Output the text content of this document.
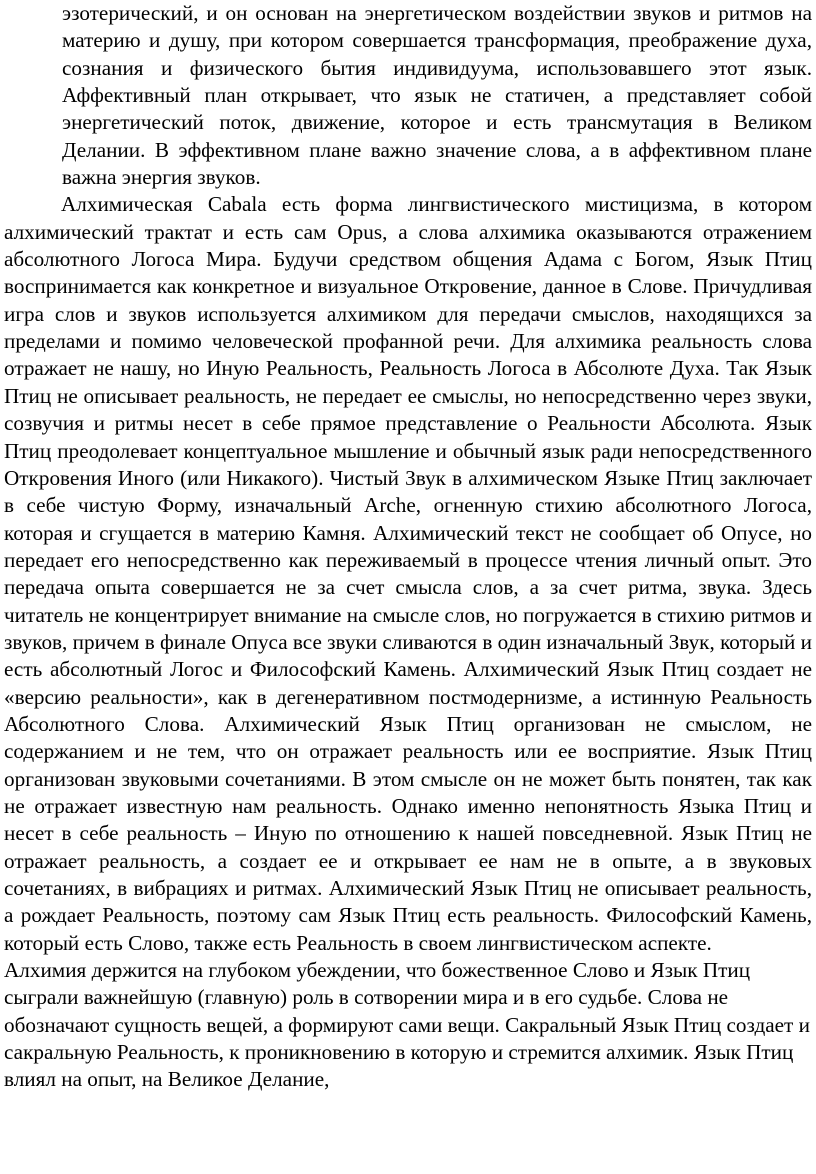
эзотерический, и он основан на энергетическом воздействии звуков и ритмов на материю и душу, при котором совершается трансформация, преображение духа, сознания и физического бытия индивидуума, использовавшего этот язык. Аффективный план открывает, что язык не статичен, а представляет собой энергетический поток, движение, которое и есть трансмутация в Великом Делании. В эффективном плане важно значение слова, а в аффективном плане важна энергия звуков.

Алхимическая Cabala есть форма лингвистического мистицизма, в котором алхимический трактат и есть сам Opus, а слова алхимика оказываются отражением абсолютного Логоса Мира. Будучи средством общения Адама с Богом, Язык Птиц воспринимается как конкретное и визуальное Откровение, данное в Слове. Причудливая игра слов и звуков используется алхимиком для передачи смыслов, находящихся за пределами и помимо человеческой профанной речи. Для алхимика реальность слова отражает не нашу, но Иную Реальность, Реальность Логоса в Абсолюте Духа. Так Язык Птиц не описывает реальность, не передает ее смыслы, но непосредственно через звуки, созвучия и ритмы несет в себе прямое представление о Реальности Абсолюта. Язык Птиц преодолевает концептуальное мышление и обычный язык ради непосредственного Откровения Иного (или Никакого). Чистый Звук в алхимическом Языке Птиц заключает в себе чистую Форму, изначальный Arche, огненную стихию абсолютного Логоса, которая и сгущается в материю Камня. Алхимический текст не сообщает об Опусе, но передает его непосредственно как переживаемый в процессе чтения личный опыт. Это передача опыта совершается не за счет смысла слов, а за счет ритма, звука. Здесь читатель не концентрирует внимание на смысле слов, но погружается в стихию ритмов и звуков, причем в финале Опуса все звуки сливаются в один изначальный Звук, который и есть абсолютный Логос и Философский Камень. Алхимический Язык Птиц создает не «версию реальности», как в дегенеративном постмодернизме, а истинную Реальность Абсолютного Слова. Алхимический Язык Птиц организован не смыслом, не содержанием и не тем, что он отражает реальность или ее восприятие. Язык Птиц организован звуковыми сочетаниями. В этом смысле он не может быть понятен, так как не отражает известную нам реальность. Однако именно непонятность Языка Птиц и несет в себе реальность – Иную по отношению к нашей повседневной. Язык Птиц не отражает реальность, а создает ее и открывает ее нам не в опыте, а в звуковых сочетаниях, в вибрациях и ритмах. Алхимический Язык Птиц не описывает реальность, а рождает Реальность, поэтому сам Язык Птиц есть реальность. Философский Камень, который есть Слово, также есть Реальность в своем лингвистическом аспекте.

Алхимия держится на глубоком убеждении, что божественное Слово и Язык Птиц сыграли важнейшую (главную) роль в сотворении мира и в его судьбе. Слова не обозначают сущность вещей, а формируют сами вещи. Сакральный Язык Птиц создает и сакральную Реальность, к проникновению в которую и стремится алхимик. Язык Птиц влиял на опыт, на Великое Делание,
